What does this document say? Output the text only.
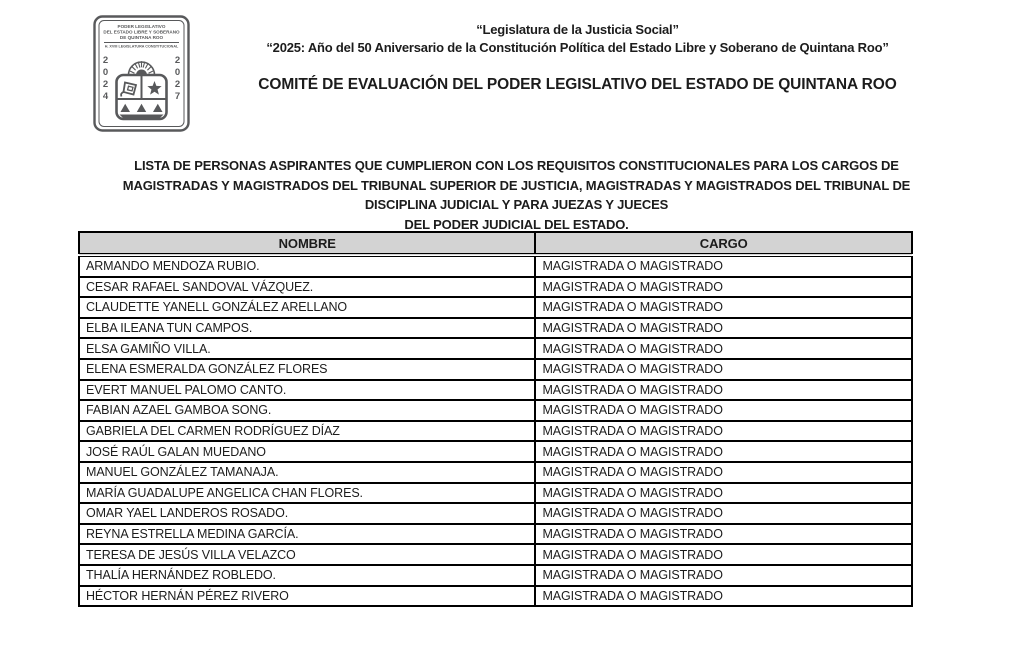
PODER LEGISLATIVO
DEL ESTADO LIBRE Y SOBERANO
DE QUINTANA ROO
H. XVIII LEGISLATURA CONSTITUCIONAL
2
0
2
4
2
0
2
7
“Legislatura de la Justicia Social”
“2025: Año del 50 Aniversario de la Constitución Política del Estado Libre y Soberano de Quintana Roo”
COMITÉ DE EVALUACIÓN DEL PODER LEGISLATIVO DEL ESTADO DE QUINTANA ROO
LISTA DE PERSONAS ASPIRANTES QUE CUMPLIERON CON LOS REQUISITOS CONSTITUCIONALES PARA LOS CARGOS DE
MAGISTRADAS Y MAGISTRADOS DEL TRIBUNAL SUPERIOR DE JUSTICIA, MAGISTRADAS Y MAGISTRADOS DEL TRIBUNAL DE
DISCIPLINA JUDICIAL Y PARA JUEZAS Y JUECES
DEL PODER JUDICIAL DEL ESTADO.
NOMBRE	CARGO
ARMANDO MENDOZA RUBIO.	MAGISTRADA O MAGISTRADO
CESAR RAFAEL SANDOVAL VÁZQUEZ.	MAGISTRADA O MAGISTRADO
CLAUDETTE YANELL GONZÁLEZ ARELLANO	MAGISTRADA O MAGISTRADO
ELBA ILEANA TUN CAMPOS.	MAGISTRADA O MAGISTRADO
ELSA GAMIÑO VILLA.	MAGISTRADA O MAGISTRADO
ELENA ESMERALDA GONZÁLEZ FLORES	MAGISTRADA O MAGISTRADO
EVERT MANUEL PALOMO CANTO.	MAGISTRADA O MAGISTRADO
FABIAN AZAEL GAMBOA SONG.	MAGISTRADA O MAGISTRADO
GABRIELA DEL CARMEN RODRÍGUEZ DÍAZ	MAGISTRADA O MAGISTRADO
JOSÉ RAÚL GALAN MUEDANO	MAGISTRADA O MAGISTRADO
MANUEL GONZÁLEZ TAMANAJA.	MAGISTRADA O MAGISTRADO
MARÍA GUADALUPE ANGELICA CHAN FLORES.	MAGISTRADA O MAGISTRADO
OMAR YAEL LANDEROS ROSADO.	MAGISTRADA O MAGISTRADO
REYNA ESTRELLA MEDINA GARCÍA.	MAGISTRADA O MAGISTRADO
TERESA DE JESÚS VILLA VELAZCO	MAGISTRADA O MAGISTRADO
THALÍA HERNÁNDEZ ROBLEDO.	MAGISTRADA O MAGISTRADO
HÉCTOR HERNÁN PÉREZ RIVERO	MAGISTRADA O MAGISTRADO
